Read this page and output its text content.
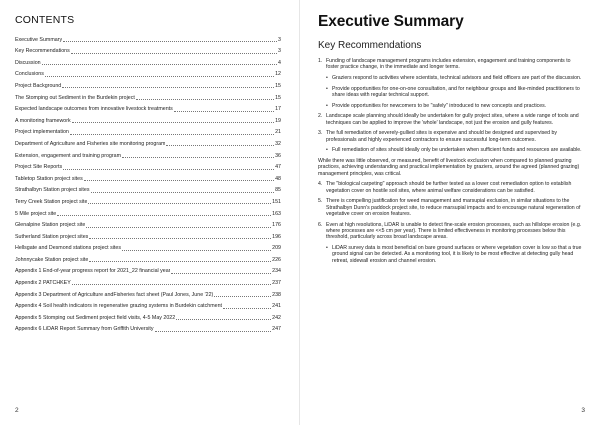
CONTENTS
Executive Summary	3
Key Recommendations	3
Discussion	4
Conclusions	12
Project Background	15
The Stomping out Sediment in the Burdekin project	15
Expected landscape outcomes from innovative livestock treatments	17
A monitoring framework	19
Project implementation	21
Department of Agriculture and Fisheries site monitoring program	32
Extension, engagement and training program	36
Project Site Reports	47
Tabletop Station project sites	48
Strathalbyn Station project sites	85
Terry Creek Station project site	151
5 Mile project site	163
Glenalpine Station project site	176
Sutherland Station project sites	196
Hellsgate and Desmond stations project sites	209
Johnnycake Station project site	226
Appendix 1 End-of-year progress report for 2021_22 financial year	234
Appendix 2 PATCHKEY	237
Appendix 3 Department of Agriculture andFisheries fact sheet (Paul Jones, June '22)	238
Appendix 4 Soil health indicators in regenerative grazing systems in Burdekin catchment	241
Appendix 5 Stomping out Sediment project field visits, 4-5 May 2022	242
Appendix 6 LiDAR Report Summary from Griffith University	247
2
Executive Summary
Key Recommendations
1. Funding of landscape management programs includes extension, engagement and training components to foster practice change, in the immediate and longer terms.
• Graziers respond to activities where scientists, technical advisors and field officers are part of the discussion.
• Provide opportunities for one-on-one consultation, and for neighbour groups and like-minded practitioners to share ideas with regular technical support.
• Provide opportunities for newcomers to be "safely" introduced to new concepts and practices.
2. Landscape scale planning should ideally be undertaken for gully project sites, where a wide range of tools and techniques can be applied to improve the 'whole' landscape, not just the erosion and gully features.
3. The full remediation of severely-gullied sites is expensive and should be designed and supervised by professionals and highly experienced contractors to ensure successful long-term outcomes.
• Full remediation of sites should ideally only be undertaken when sufficient funds and resources are available.
While there was little observed, or measured, benefit of livestock exclusion when compared to planned grazing practices, achieving understanding and practical implementation by graziers, around the agreed (planned grazing) management principles, was critical.
4. The "biological carpeting" approach should be further tested as a lower cost remediation option to establish vegetation cover on hostile soil sites, where animal welfare considerations can be satisfied.
5. There is compelling justification for weed management and marsupial exclusion, in similar situations to the Strathalbyn Dunn's paddock project site, to reduce marsupial impacts and to encourage natural regeneration of vegetative cover on erosion features.
6. Even at high resolutions, LiDAR is unable to detect fine-scale erosion processes, such as hillslope erosion (e.g. where processes are <<5 cm per year). There is limited effectiveness in monitoring processes below this threshold, particularly across broad landscape areas.
• LiDAR survey data is most beneficial on bare ground surfaces or where vegetation cover is low so that a true ground signal can be detected. As a monitoring tool, it is likely to be most effective at detecting gully head retreat, sidewall erosion and channel erosion.
3
